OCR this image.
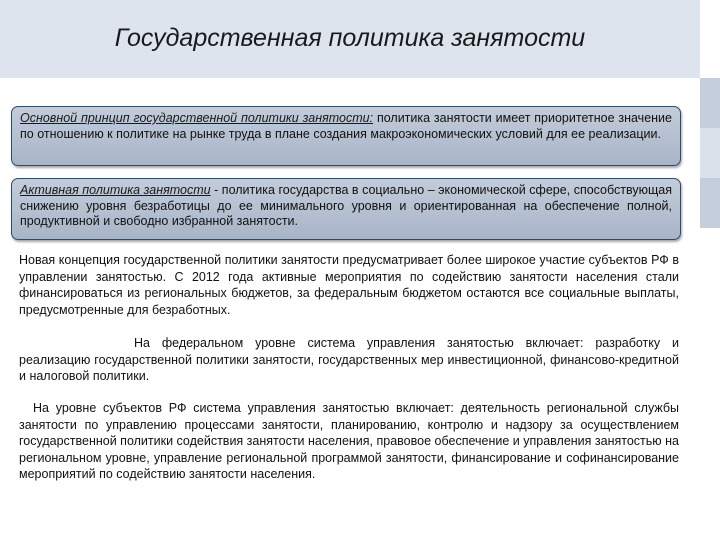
Государственная политика занятости
Основной принцип государственной политики занятости: политика занятости имеет приоритетное значение по отношению к политике на рынке труда в плане создания макроэкономических условий для ее реализации.
Активная политика занятости - политика государства в социально – экономической сфере, способствующая снижению уровня безработицы до ее минимального уровня и ориентированная на обеспечение полной, продуктивной и свободно избранной занятости.

Новая концепция государственной политики занятости предусматривает более широкое участие субъектов РФ в управлении занятостью. С 2012 года активные мероприятия по содействию занятости населения стали финансироваться из региональных бюджетов, за федеральным бюджетом остаются все социальные выплаты, предусмотренные для безработных.

На федеральном уровне система управления занятостью включает: разработку и реализацию государственной политики занятости, государственных мер инвестиционной, финансово-кредитной и налоговой политики.

На уровне субъектов РФ система управления занятостью включает: деятельность региональной службы занятости по управлению процессами занятости, планированию, контролю и надзору за осуществлением государственной политики содействия занятости населения, правовое обеспечение и управления занятостью на региональном уровне, управление региональной программой занятости, финансирование и софинансирование мероприятий по содействию занятости населения.
